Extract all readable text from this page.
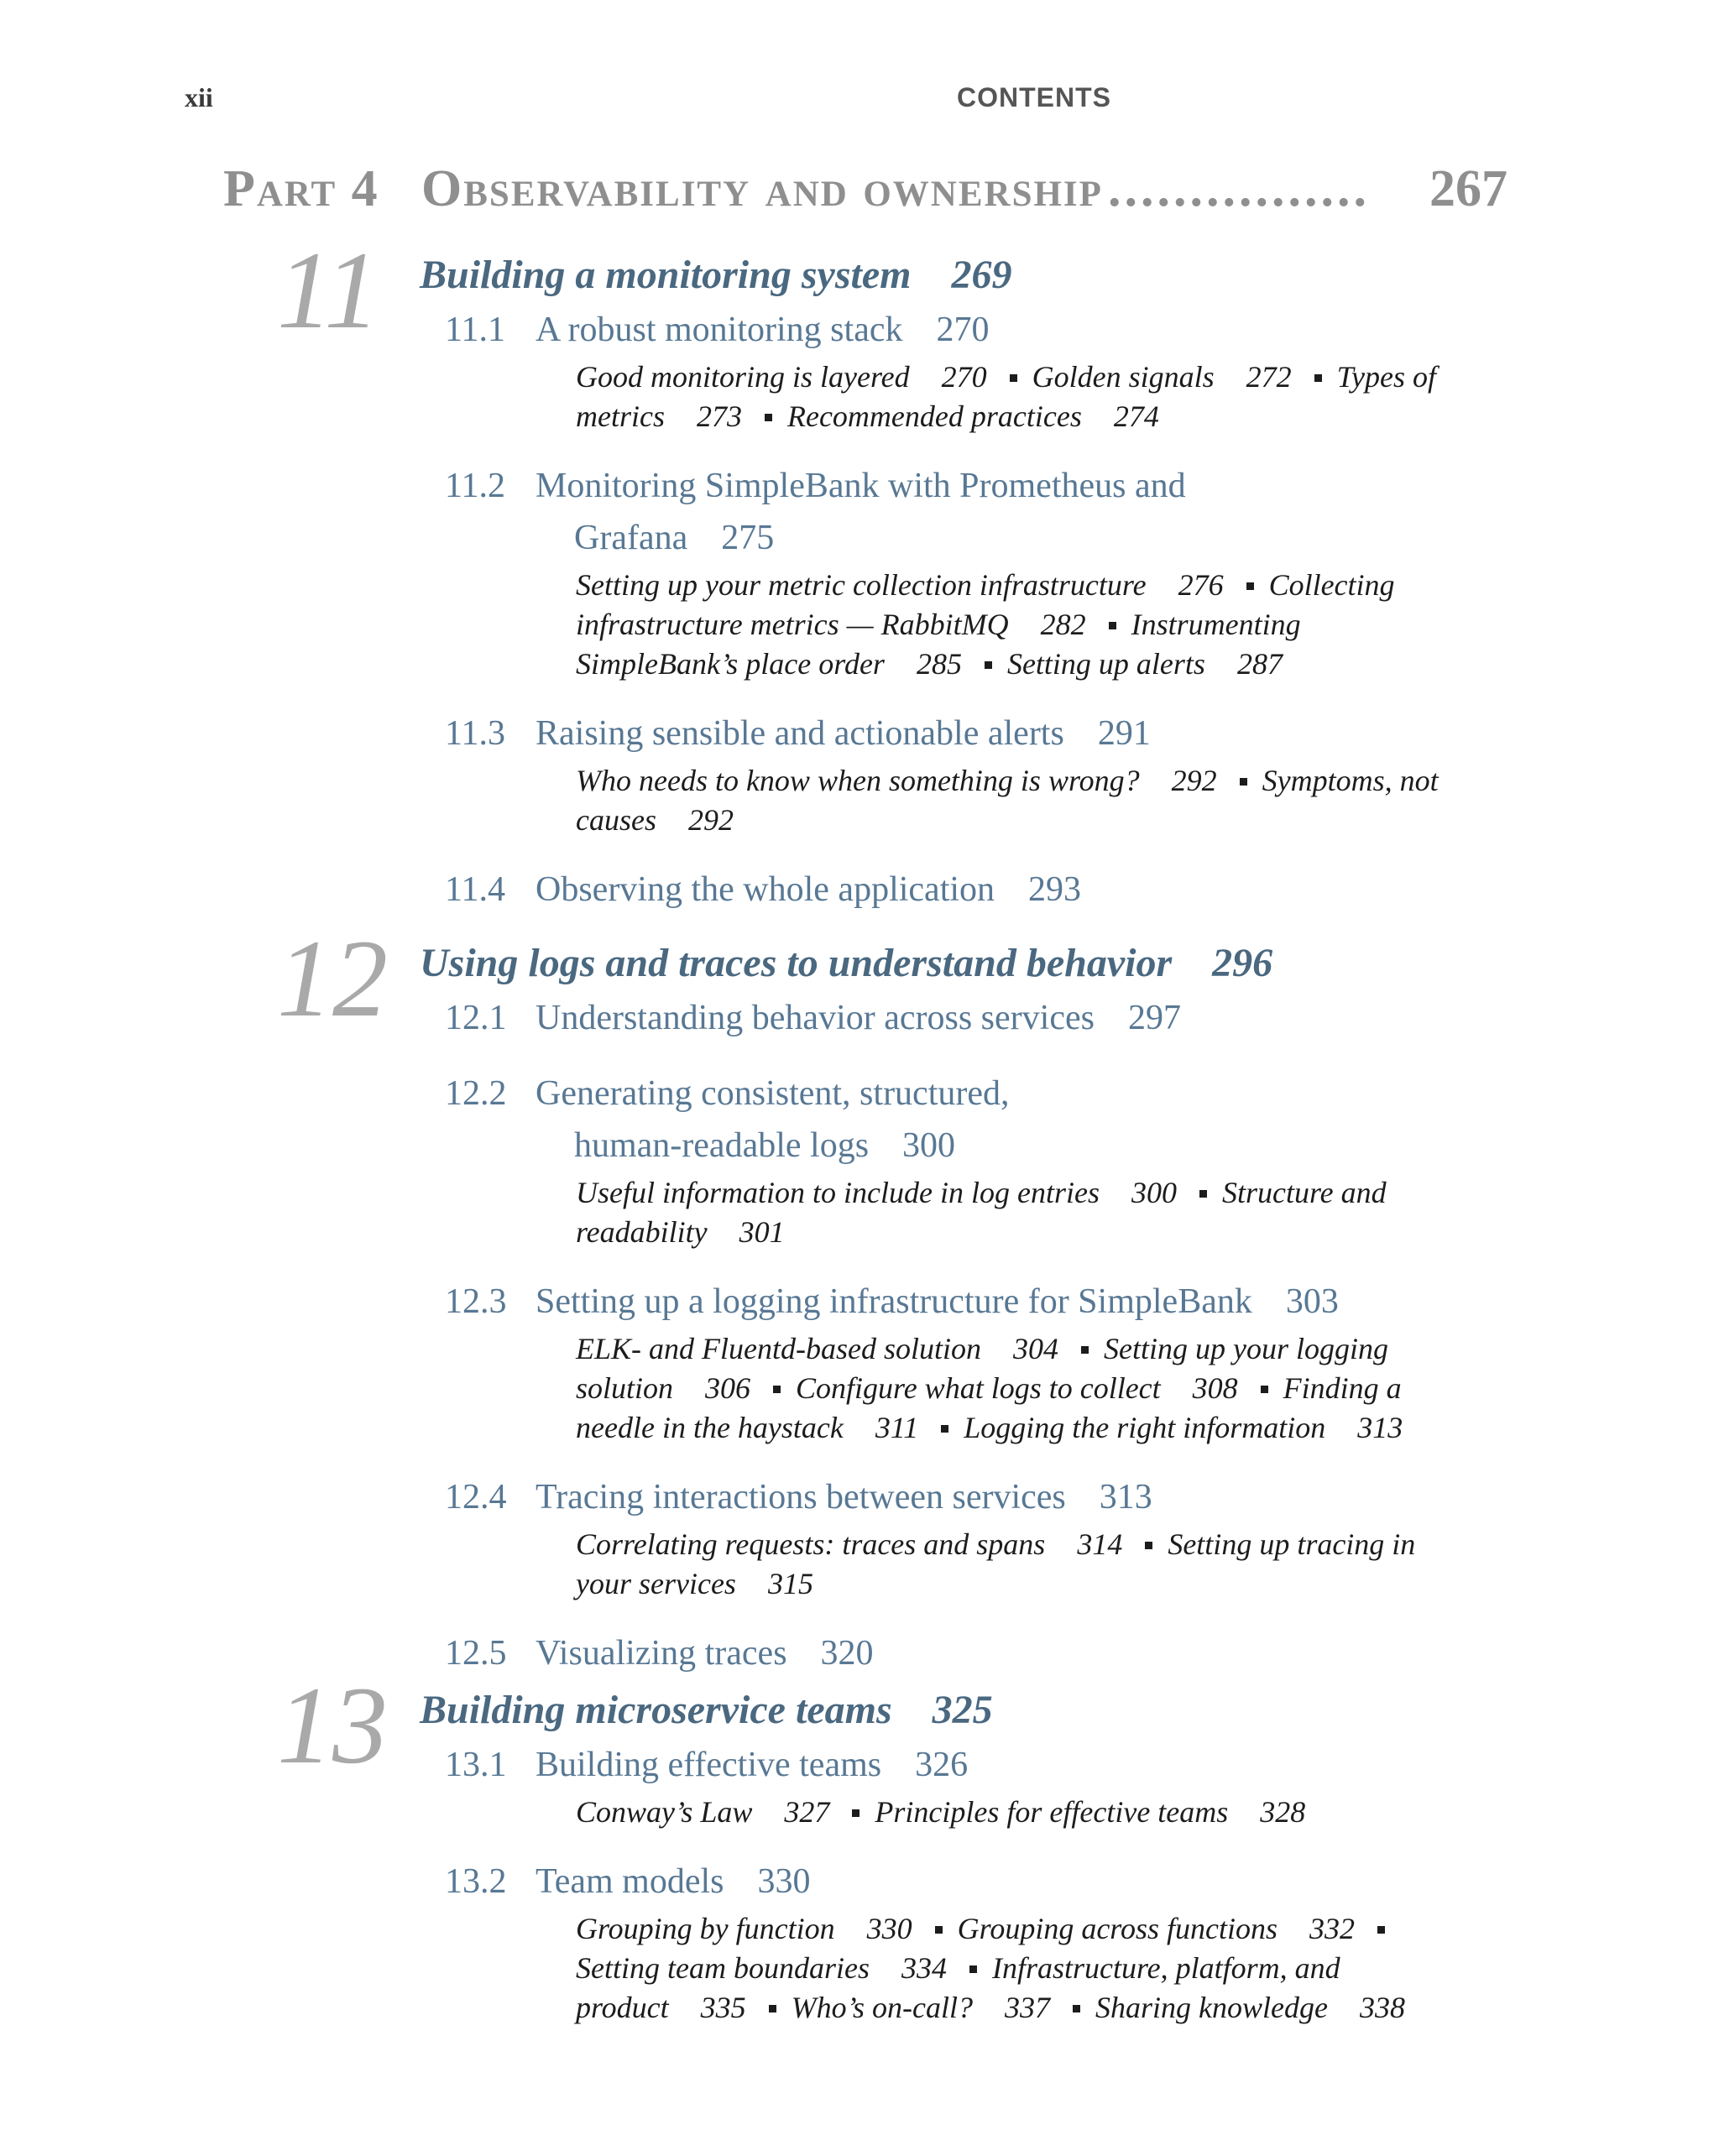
xii	CONTENTS
Part 4 Observability and ownership ................	267
11 Building a monitoring system 269
11.1 A robust monitoring stack 270
Good monitoring is layered 270 Golden signals 272 Types of metrics 273 Recommended practices 274
11.2 Monitoring SimpleBank with Prometheus and
Grafana 275
Setting up your metric collection infrastructure 276 Collecting infrastructure metrics — RabbitMQ 282 Instrumenting SimpleBank’s place order 285 Setting up alerts 287
11.3 Raising sensible and actionable alerts 291
Who needs to know when something is wrong? 292 Symptoms, not causes 292
11.4 Observing the whole application 293
12 Using logs and traces to understand behavior 296
12.1 Understanding behavior across services 297
12.2 Generating consistent, structured,
human-readable logs 300
Useful information to include in log entries 300 Structure and readability 301
12.3 Setting up a logging infrastructure for SimpleBank 303
ELK- and Fluentd-based solution 304 Setting up your logging solution 306 Configure what logs to collect 308 Finding a needle in the haystack 311 Logging the right information 313
12.4 Tracing interactions between services 313
Correlating requests: traces and spans 314 Setting up tracing in your services 315
12.5 Visualizing traces 320
13 Building microservice teams 325
13.1 Building effective teams 326
Conway’s Law 327 Principles for effective teams 328
13.2 Team models 330
Grouping by function 330 Grouping across functions 332 Setting team boundaries 334 Infrastructure, platform, and product 335 Who’s on-call? 337 Sharing knowledge 338
